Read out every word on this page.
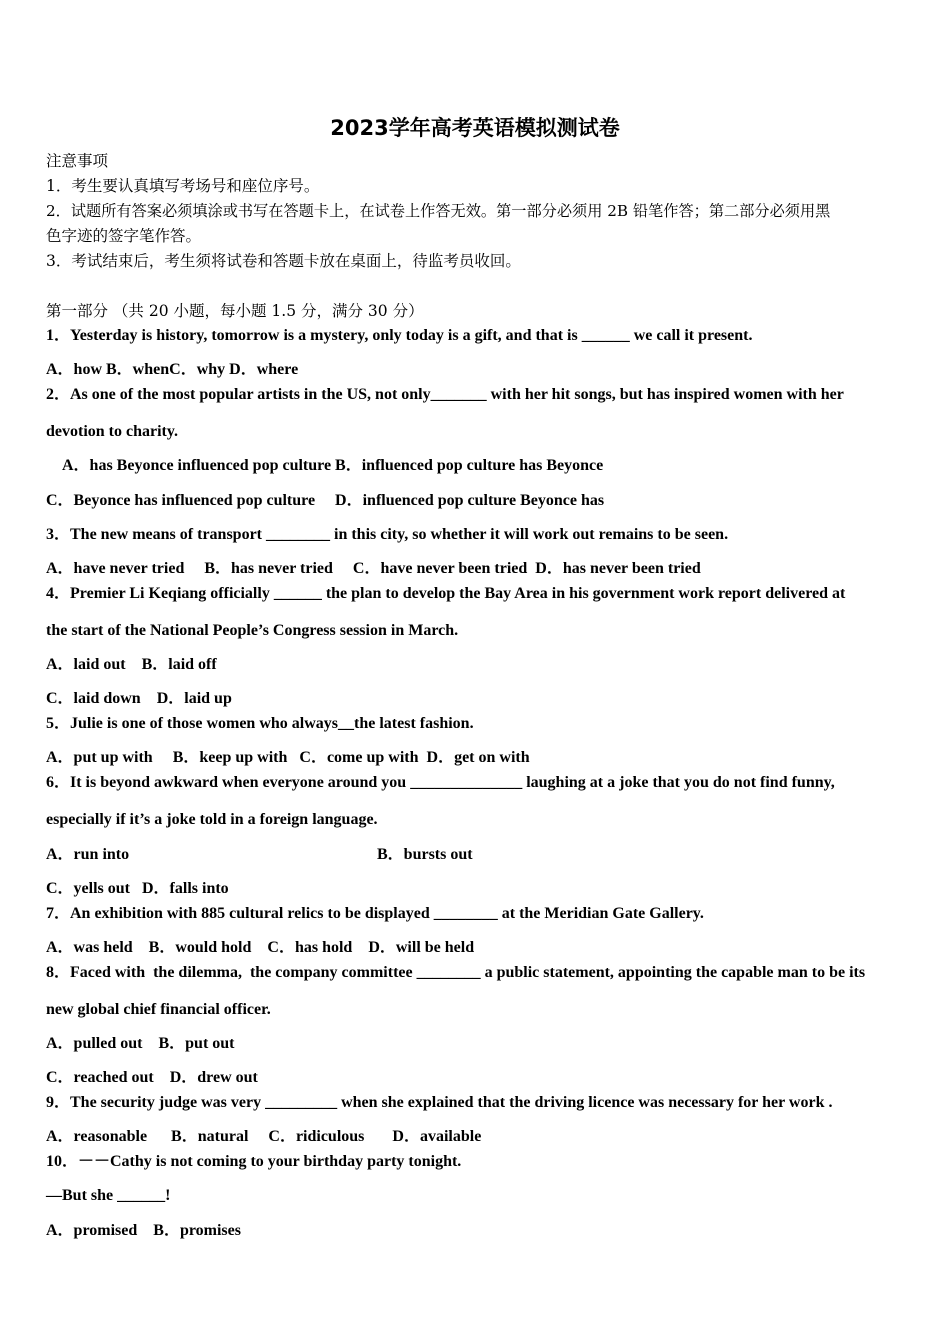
2023学年高考英语模拟测试卷
注意事项
1．考生要认真填写考场号和座位序号。
2．试题所有答案必须填涂或书写在答题卡上，在试卷上作答无效。第一部分必须用 2B 铅笔作答；第二部分必须用黑
色字迹的签字笔作答。
3．考试结束后，考生须将试卷和答题卡放在桌面上，待监考员收回。
第一部分 （共 20 小题，每小题 1.5 分，满分 30 分）
1．Yesterday is history, tomorrow is a mystery, only today is a gift, and that is ______ we call it present.
A．how B．whenC．why D．where
2．As one of the most popular artists in the US, not only_______ with her hit songs, but has inspired women with her
devotion to charity.
A．has Beyonce influenced pop culture B．influenced pop culture has Beyonce
C．Beyonce has influenced pop culture     D．influenced pop culture Beyonce has
3．The new means of transport ________ in this city, so whether it will work out remains to be seen.
A．have never tried     B．has never tried     C．have never been tried  D．has never been tried
4．Premier Li Keqiang officially ______ the plan to develop the Bay Area in his government work report delivered at
the start of the National People’s Congress session in March.
A．laid out    B．laid off
C．laid down    D．laid up
5．Julie is one of those women who always__the latest fashion.
A．put up with     B．keep up with   C．come up with  D．get on with
6．It is beyond awkward when everyone around you ______________ laughing at a joke that you do not find funny,
especially if it’s a joke told in a foreign language.
A．run into	B．bursts out
C．yells out   D．falls into
7．An exhibition with 885 cultural relics to be displayed ________ at the Meridian Gate Gallery.
A．was held    B．would hold    C．has hold    D．will be held
8．Faced with  the dilemma,  the company committee ________ a public statement, appointing the capable man to be its
new global chief financial officer.
A．pulled out    B．put out
C．reached out    D．drew out
9．The security judge was very _________ when she explained that the driving licence was necessary for her work .
A．reasonable      B．natural     C．ridiculous       D．available
10．－－Cathy is not coming to your birthday party tonight.
—But she ______!
A．promised    B．promises
